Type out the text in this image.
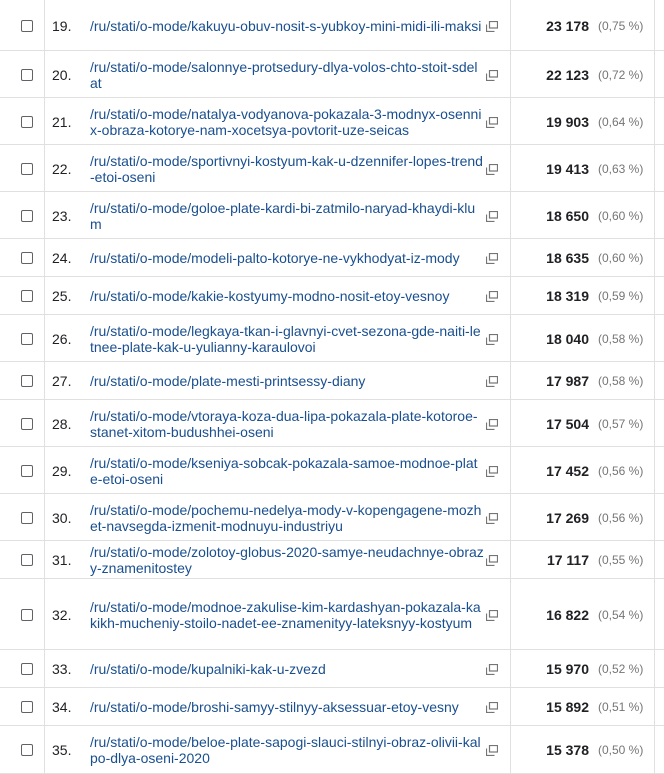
19.	/ru/stati/o-mode/kakuyu-obuv-nosit-s-yubkoy-mini-midi-ili-maksi	23 178 (0,75 %)
20.	/ru/stati/o-mode/salonnye-protsedury-dlya-volos-chto-stoit-sdelat	22 123 (0,72 %)
21.	/ru/stati/o-mode/natalya-vodyanova-pokazala-3-modnyx-osennix-obraza-kotorye-nam-xocetsya-povtorit-uze-seicas	19 903 (0,64 %)
22.	/ru/stati/o-mode/sportivnyi-kostyum-kak-u-dzennifer-lopes-trend-etoi-oseni	19 413 (0,63 %)
23.	/ru/stati/o-mode/goloe-plate-kardi-bi-zatmilo-naryad-khaydi-klum	18 650 (0,60 %)
24.	/ru/stati/o-mode/modeli-palto-kotorye-ne-vykhodyat-iz-mody	18 635 (0,60 %)
25.	/ru/stati/o-mode/kakie-kostyumy-modno-nosit-etoy-vesnoy	18 319 (0,59 %)
26.	/ru/stati/o-mode/legkaya-tkan-i-glavnyi-cvet-sezona-gde-naiti-letnee-plate-kak-u-yulianny-karaulovoi	18 040 (0,58 %)
27.	/ru/stati/o-mode/plate-mesti-printsessy-diany	17 987 (0,58 %)
28.	/ru/stati/o-mode/vtoraya-koza-dua-lipa-pokazala-plate-kotoroe-stanet-xitom-budushhei-oseni	17 504 (0,57 %)
29.	/ru/stati/o-mode/kseniya-sobcak-pokazala-samoe-modnoe-plate-etoi-oseni	17 452 (0,56 %)
30.	/ru/stati/o-mode/pochemu-nedelya-mody-v-kopengagene-mozhet-navsegda-izmenit-modnuyu-industriyu	17 269 (0,56 %)
31.	/ru/stati/o-mode/zolotoy-globus-2020-samye-neudachnye-obrazy-znamenitostey	17 117 (0,55 %)
32.	/ru/stati/o-mode/modnoe-zakulise-kim-kardashyan-pokazala-kakikh-mucheniy-stoilo-nadet-ee-znamenityy-lateksnyy-kostyum	16 822 (0,54 %)
33.	/ru/stati/o-mode/kupalniki-kak-u-zvezd	15 970 (0,52 %)
34.	/ru/stati/o-mode/broshi-samyy-stilnyy-aksessuar-etoy-vesny	15 892 (0,51 %)
35.	/ru/stati/o-mode/beloe-plate-sapogi-slauci-stilnyi-obraz-olivii-kalpo-dlya-oseni-2020	15 378 (0,50 %)
